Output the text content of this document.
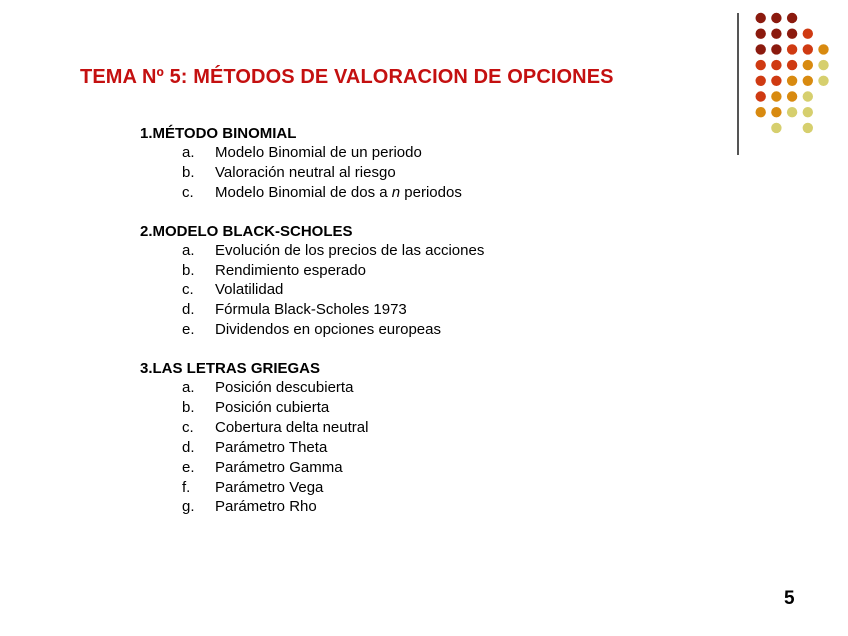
TEMA Nº 5: MÉTODOS DE VALORACION DE OPCIONES
1.MÉTODO BINOMIAL
a.	Modelo Binomial de un periodo
b.	Valoración neutral al riesgo
c.	Modelo Binomial de dos a n periodos
2.MODELO BLACK-SCHOLES
a.	Evolución de los precios de las acciones
b.	Rendimiento esperado
c.	Volatilidad
d.	Fórmula Black-Scholes 1973
e.	Dividendos en opciones europeas
3.LAS LETRAS GRIEGAS
a.	Posición descubierta
b.	Posición cubierta
c.	Cobertura delta neutral
d.	Parámetro Theta
e.	Parámetro Gamma
f.	Parámetro Vega
g.	Parámetro Rho
5
